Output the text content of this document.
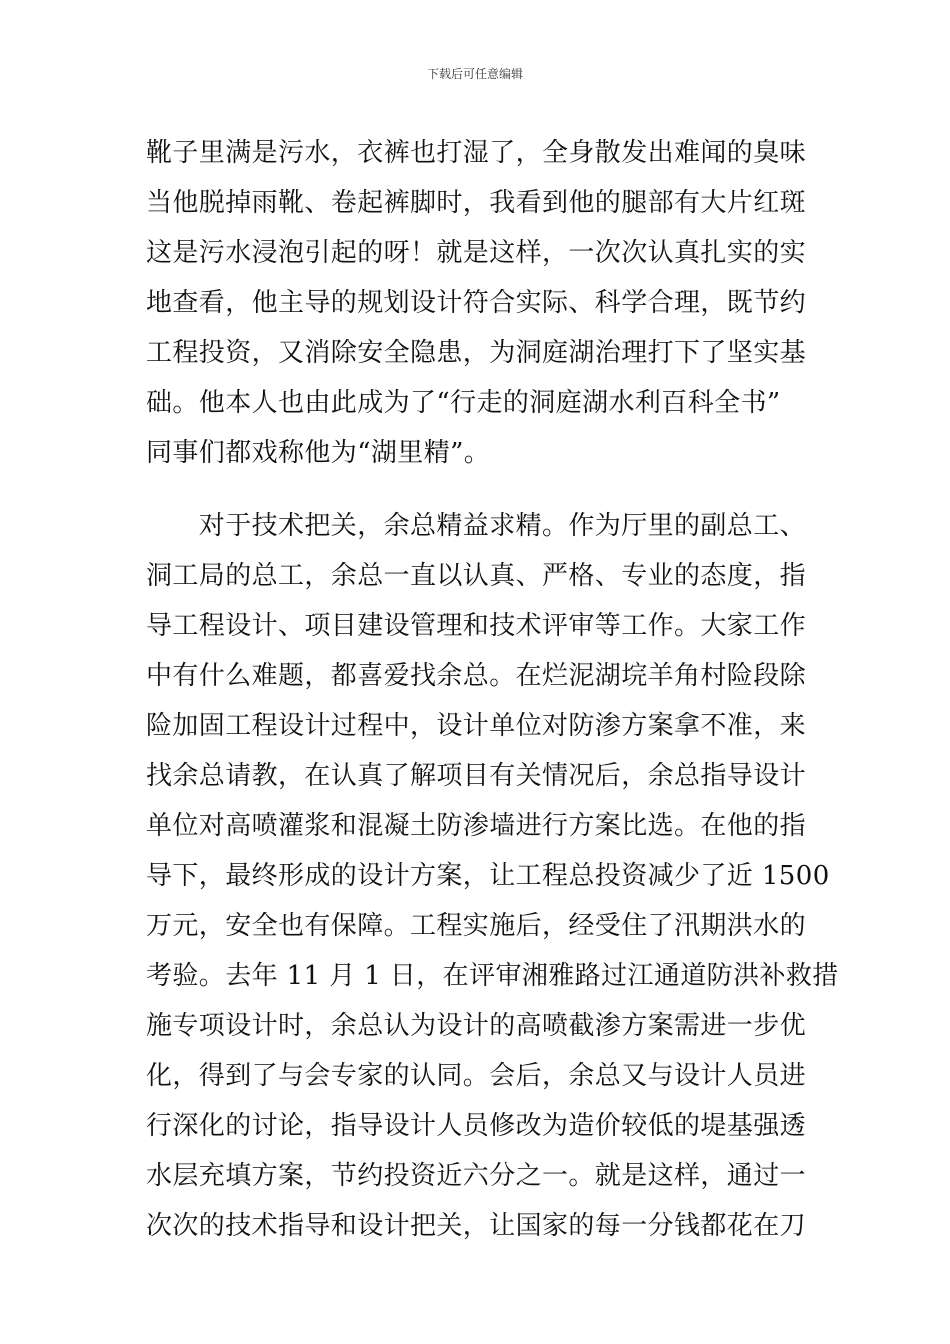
下载后可任意编辑
靴子里满是污水，衣裤也打湿了，全身散发出难闻的臭味
当他脱掉雨靴、卷起裤脚时，我看到他的腿部有大片红斑
这是污水浸泡引起的呀！就是这样，一次次认真扎实的实
地查看，他主导的规划设计符合实际、科学合理，既节约
工程投资，又消除安全隐患，为洞庭湖治理打下了坚实基
础。他本人也由此成为了“行走的洞庭湖水利百科全书”
同事们都戏称他为“湖里精”。
　　对于技术把关，余总精益求精。作为厅里的副总工、
洞工局的总工，余总一直以认真、严格、专业的态度，指
导工程设计、项目建设管理和技术评审等工作。大家工作
中有什么难题，都喜爱找余总。在烂泥湖垸羊角村险段除
险加固工程设计过程中，设计单位对防渗方案拿不准，来
找余总请教，在认真了解项目有关情况后，余总指导设计
单位对高喷灌浆和混凝土防渗墙进行方案比选。在他的指
导下，最终形成的设计方案，让工程总投资减少了近 1500
万元，安全也有保障。工程实施后，经受住了汛期洪水的
考验。去年 11 月 1 日，在评审湘雅路过江通道防洪补救措
施专项设计时，余总认为设计的高喷截渗方案需进一步优
化，得到了与会专家的认同。会后，余总又与设计人员进
行深化的讨论，指导设计人员修改为造价较低的堤基强透
水层充填方案，节约投资近六分之一。就是这样，通过一
次次的技术指导和设计把关，让国家的每一分钱都花在刀
